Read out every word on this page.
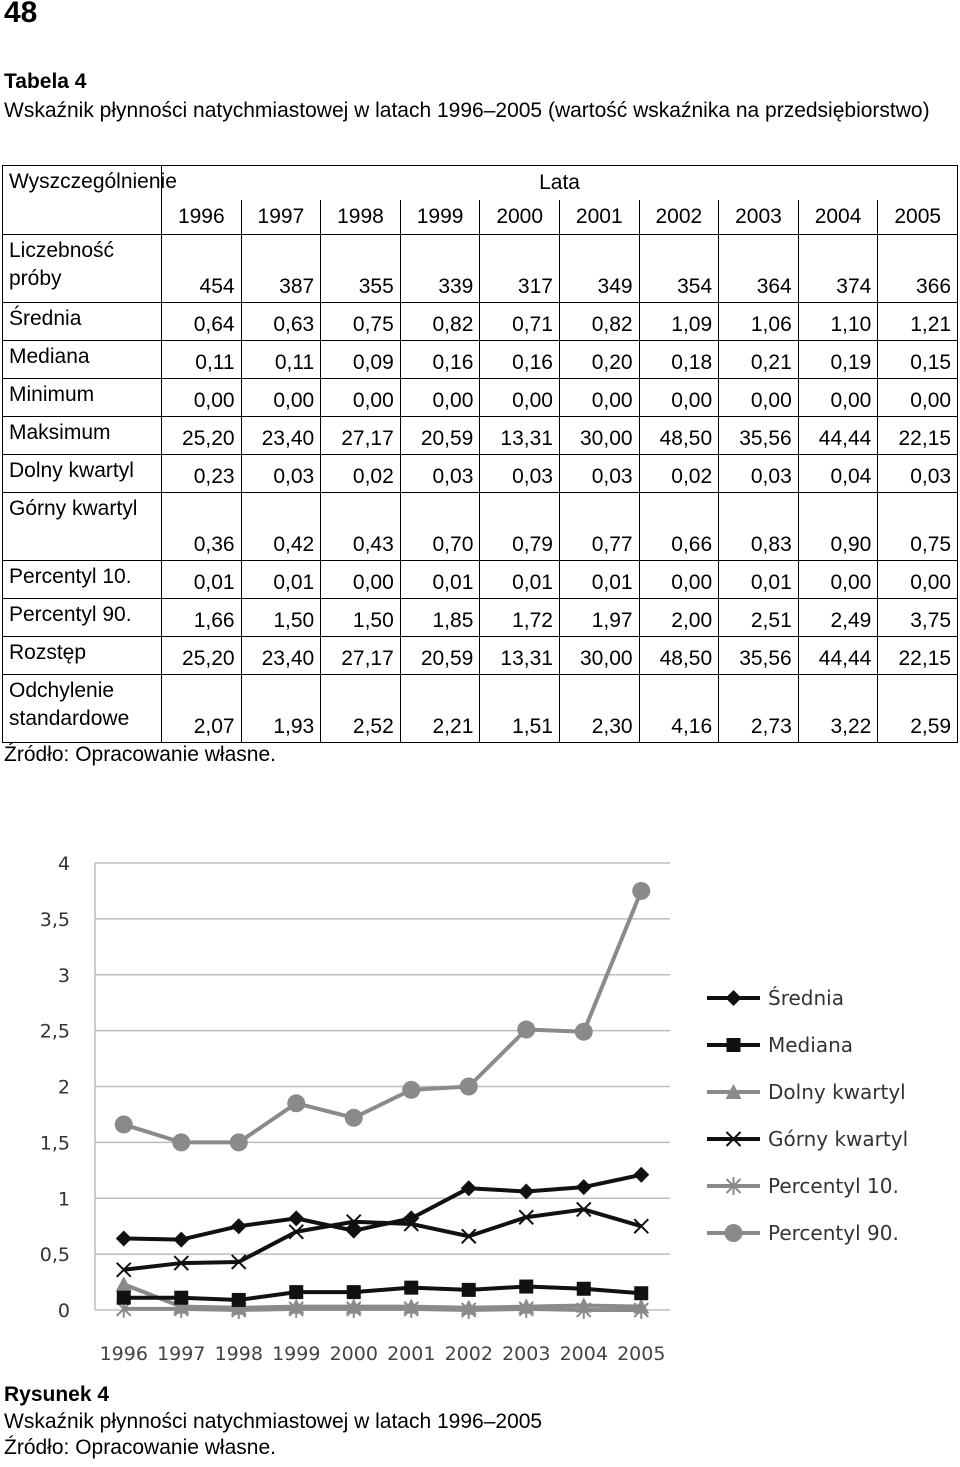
48
Tabela 4
Wskaźnik płynności natychmiastowej w latach 1996–2005 (wartość wskaźnika na przedsiębiorstwo)
Wyszczególnienie	Lata									
	1996	1997	1998	1999	2000	2001	2002	2003	2004	2005
Liczebność próby	454	387	355	339	317	349	354	364	374	366
Średnia	0,64	0,63	0,75	0,82	0,71	0,82	1,09	1,06	1,10	1,21
Mediana	0,11	0,11	0,09	0,16	0,16	0,20	0,18	0,21	0,19	0,15
Minimum	0,00	0,00	0,00	0,00	0,00	0,00	0,00	0,00	0,00	0,00
Maksimum	25,20	23,40	27,17	20,59	13,31	30,00	48,50	35,56	44,44	22,15
Dolny kwartyl	0,23	0,03	0,02	0,03	0,03	0,03	0,02	0,03	0,04	0,03
Górny kwartyl	0,36	0,42	0,43	0,70	0,79	0,77	0,66	0,83	0,90	0,75
Percentyl 10.	0,01	0,01	0,00	0,01	0,01	0,01	0,00	0,01	0,00	0,00
Percentyl 90.	1,66	1,50	1,50	1,85	1,72	1,97	2,00	2,51	2,49	3,75
Rozstęp	25,20	23,40	27,17	20,59	13,31	30,00	48,50	35,56	44,44	22,15
Odchylenie standardowe	2,07	1,93	2,52	2,21	1,51	2,30	4,16	2,73	3,22	2,59
Źródło: Opracowanie własne.
0
0,5
1
1,5
2
2,5
3
3,5
4
1996 1997 1998 1999 2000 2001 2002 2003 2004 2005
Średnia
Mediana
Dolny kwartyl
Górny kwartyl
Percentyl 10.
Percentyl 90.
Rysunek 4
Wskaźnik płynności natychmiastowej w latach 1996–2005
Źródło: Opracowanie własne.
